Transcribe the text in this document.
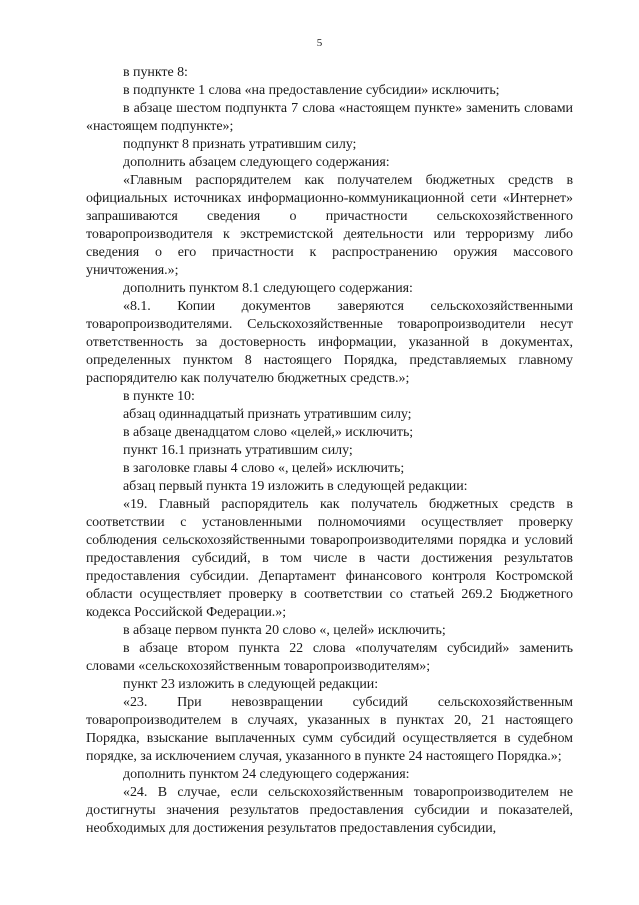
5

в пункте 8:

в подпункте 1 слова «на предоставление субсидии» исключить;

в абзаце шестом подпункта 7 слова «настоящем пункте» заменить словами «настоящем подпункте»;

подпункт 8 признать утратившим силу;

дополнить абзацем следующего содержания:

«Главным распорядителем как получателем бюджетных средств в официальных источниках информационно-коммуникационной сети «Интернет» запрашиваются сведения о причастности сельскохозяйственного товаропроизводителя к экстремистской деятельности или терроризму либо сведения о его причастности к распространению оружия массового уничтожения.»;

дополнить пунктом 8.1 следующего содержания:

«8.1. Копии документов заверяются сельскохозяйственными товаропроизводителями. Сельскохозяйственные товаропроизводители несут ответственность за достоверность информации, указанной в документах, определенных пунктом 8 настоящего Порядка, представляемых главному распорядителю как получателю бюджетных средств.»;

в пункте 10:

абзац одиннадцатый признать утратившим силу;

в абзаце двенадцатом слово «целей,» исключить;

пункт 16.1 признать утратившим силу;

в заголовке главы 4 слово «, целей» исключить;

абзац первый пункта 19 изложить в следующей редакции:

«19. Главный распорядитель как получатель бюджетных средств в соответствии с установленными полномочиями осуществляет проверку соблюдения сельскохозяйственными товаропроизводителями порядка и условий предоставления субсидий, в том числе в части достижения результатов предоставления субсидии. Департамент финансового контроля Костромской области осуществляет проверку в соответствии со статьей 269.2 Бюджетного кодекса Российской Федерации.»;

в абзаце первом пункта 20 слово «, целей» исключить;

в абзаце втором пункта 22 слова «получателям субсидий» заменить словами «сельскохозяйственным товаропроизводителям»;

пункт 23 изложить в следующей редакции:

«23. При невозвращении субсидий сельскохозяйственным товаропроизводителем в случаях, указанных в пунктах 20, 21 настоящего Порядка, взыскание выплаченных сумм субсидий осуществляется в судебном порядке, за исключением случая, указанного в пункте 24 настоящего Порядка.»;

дополнить пунктом 24 следующего содержания:

«24. В случае, если сельскохозяйственным товаропроизводителем не достигнуты значения результатов предоставления субсидии и показателей, необходимых для достижения результатов предоставления субсидии,
